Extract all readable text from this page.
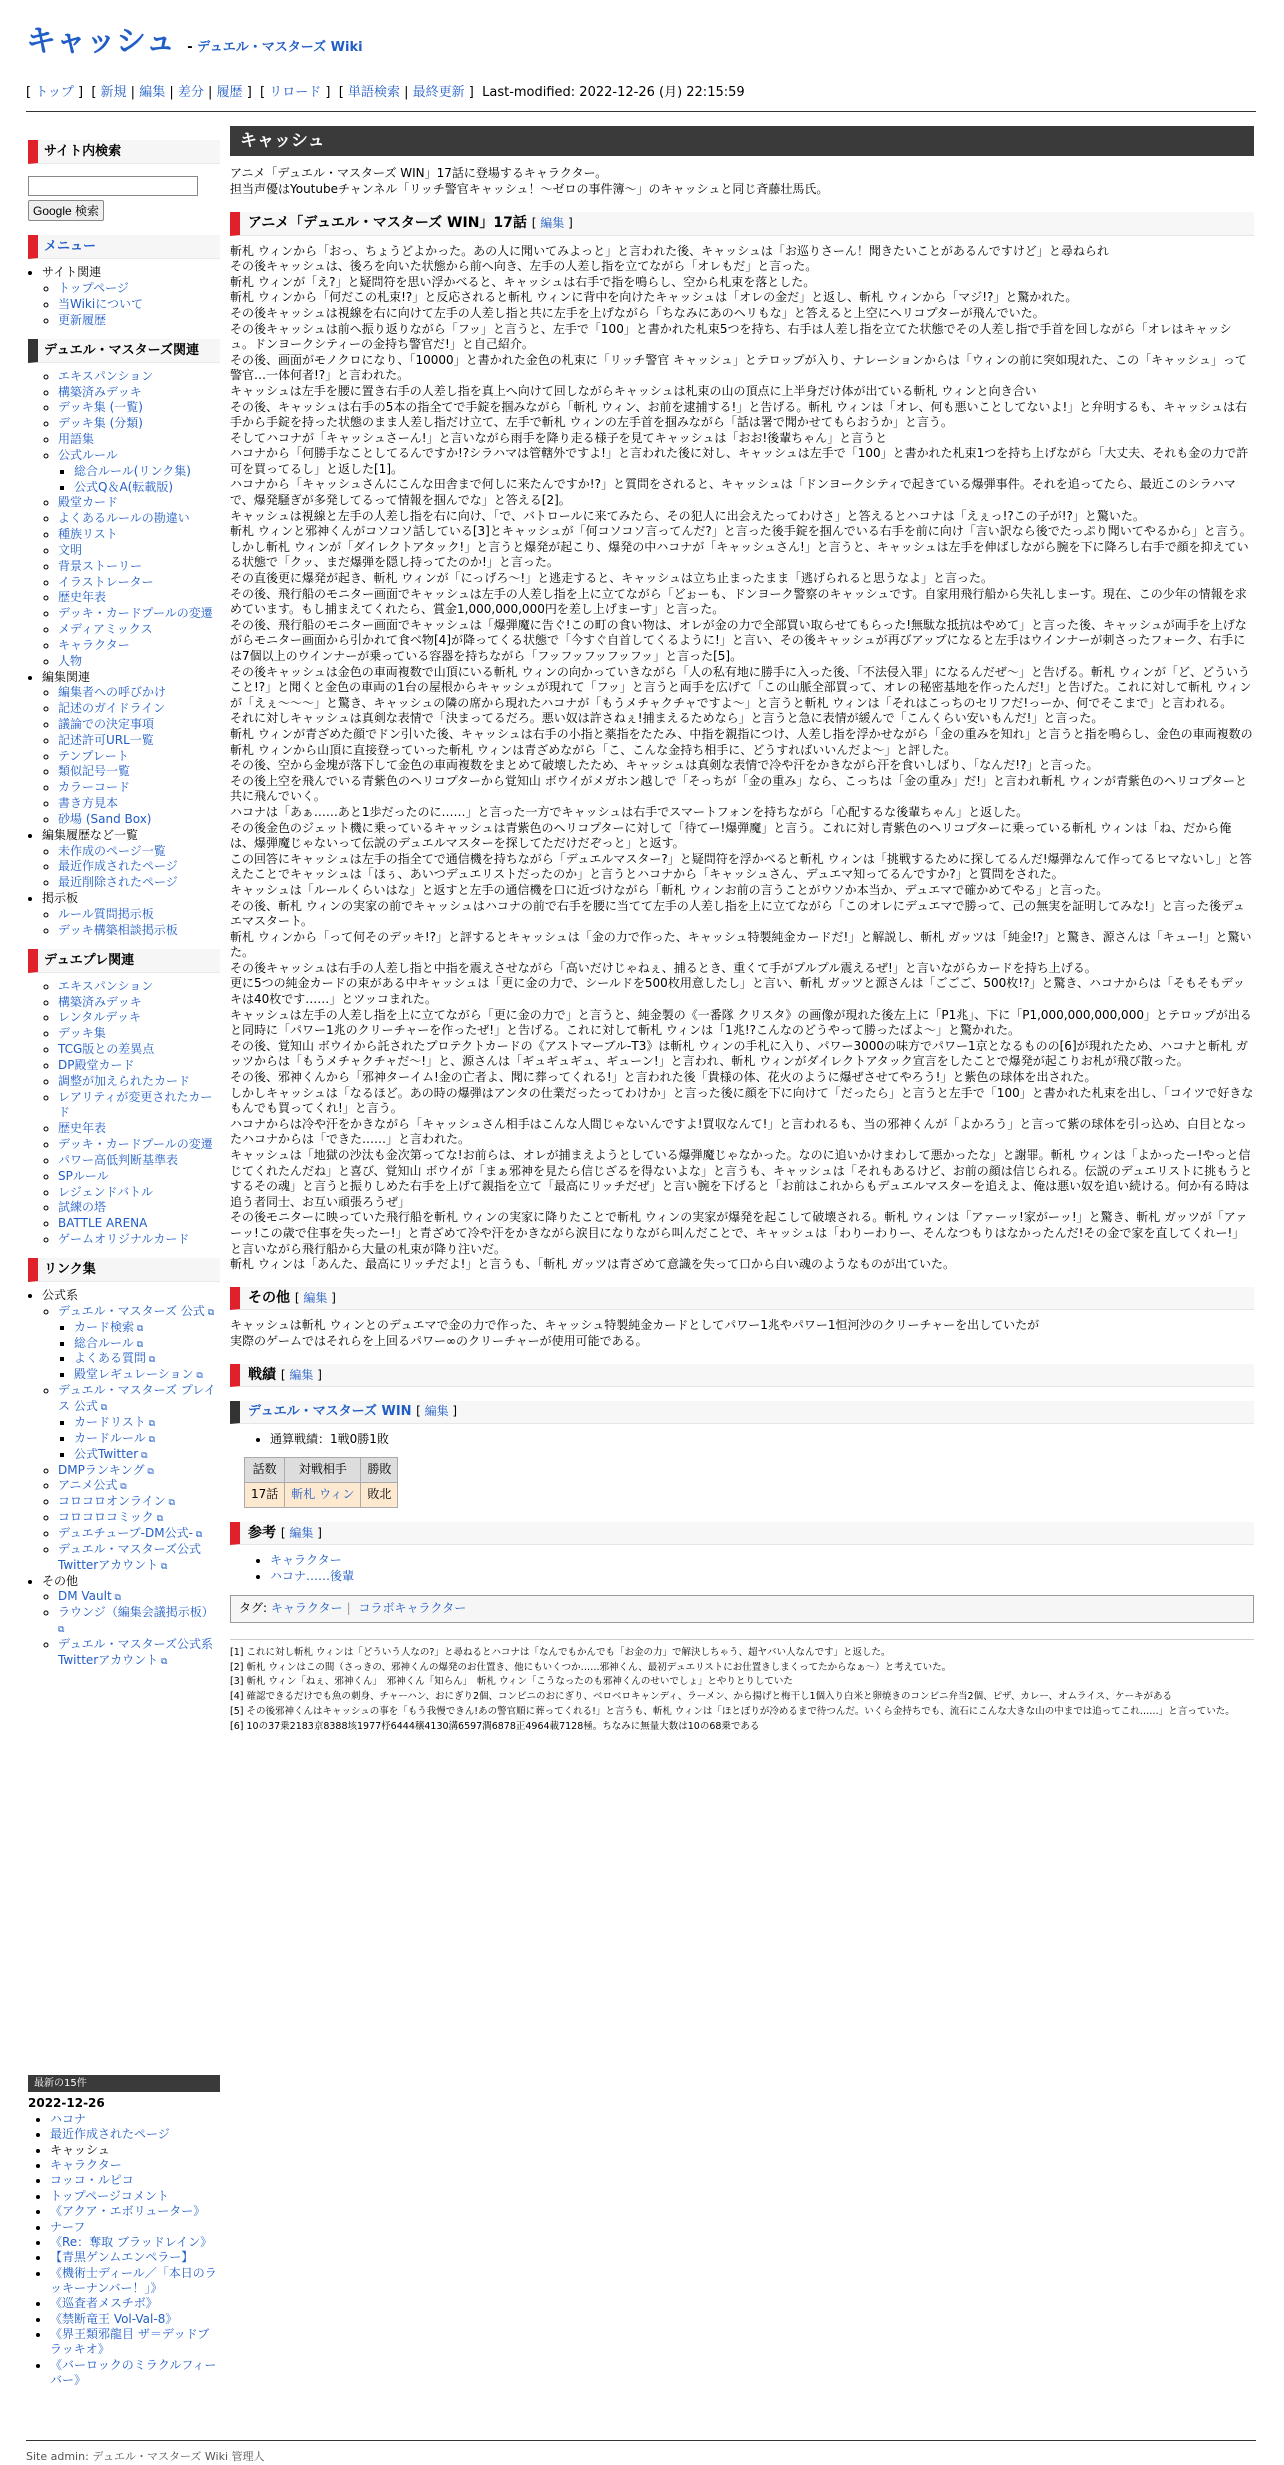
キャッシュ - デュエル・マスターズ Wiki
[ トップ ]  [ 新規 | 編集 | 差分 | 履歴 ]  [ リロード ]  [ 単語検索 | 最終更新 ]  Last-modified: 2022-12-26 (月) 22:15:59
サイト内検索

Google 検索
メニュー
• サイト関連
◦ トップページ
◦ 当Wikiについて
◦ 更新履歴
デュエル・マスターズ関連
◦ エキスパンション
◦ 構築済みデッキ
◦ デッキ集 (一覧)
◦ デッキ集 (分類)
◦ 用語集
◦ 公式ルール
▪ 総合ルール(リンク集)
▪ 公式Q＆A(転載版)
◦ 殿堂カード
◦ よくあるルールの勘違い
◦ 種族リスト
◦ 文明
◦ 背景ストーリー
◦ イラストレーター
◦ 歴史年表
◦ デッキ・カードプールの変遷
◦ メディアミックス
◦ キャラクター
◦ 人物
• 編集関連
◦ 編集者への呼びかけ
◦ 記述のガイドライン
◦ 議論での決定事項
◦ 記述許可URL一覧
◦ テンプレート
◦ 類似記号一覧
◦ カラーコード
◦ 書き方見本
◦ 砂場 (Sand Box)
• 編集履歴など一覧
◦ 未作成のページ一覧
◦ 最近作成されたページ
◦ 最近削除されたページ
• 掲示板
◦ ルール質問掲示板
◦ デッキ構築相談掲示板
デュエプレ関連
◦ エキスパンション
◦ 構築済みデッキ
◦ レンタルデッキ
◦ デッキ集
◦ TCG版との差異点
◦ DP殿堂カード
◦ 調整が加えられたカード
◦ レアリティが変更されたカード
◦ 歴史年表
◦ デッキ・カードプールの変遷
◦ パワー高低判断基準表
◦ SPルール
◦ レジェンドバトル
◦ 試練の塔
◦ BATTLE ARENA
◦ ゲームオリジナルカード
リンク集
• 公式系
◦ デュエル・マスターズ 公式 ⧉
▪ カード検索 ⧉
▪ 総合ルール ⧉
▪ よくある質問 ⧉
▪ 殿堂レギュレーション ⧉
◦ デュエル・マスターズ プレイス 公式 ⧉
▪ カードリスト ⧉
▪ カードルール ⧉
▪ 公式Twitter ⧉
◦ DMPランキング ⧉
◦ アニメ公式 ⧉
◦ コロコロオンライン ⧉
◦ コロコロコミック ⧉
◦ デュエチューブ-DM公式- ⧉
◦ デュエル・マスターズ公式Twitterアカウント ⧉
• その他
◦ DM Vault ⧉
◦ ラウンジ（編集会議掲示板） ⧉
◦ デュエル・マスターズ公式系Twitterアカウント ⧉
キャッシュ

アニメ「デュエル・マスターズ WIN」17話に登場するキャラクター。

担当声優はYoutubeチャンネル「リッチ警官キャッシュ！～ゼロの事件簿～」のキャッシュと同じ斉藤壮馬氏。

アニメ「デュエル・マスターズ WIN」17話 [ 編集 ]

斬札 ウィンから「おっ、ちょうどよかった。あの人に聞いてみよっと」と言われた後、キャッシュは「お巡りさーん！聞きたいことがあるんですけど」と尋ねられ

その後キャッシュは、後ろを向いた状態から前へ向き、左手の人差し指を立てながら「オレもだ」と言った。

斬札 ウィンが「え?」と疑問符を思い浮かべると、キャッシュは右手で指を鳴らし、空から札束を落とした。

斬札 ウィンから「何だこの札束!?」と反応されると斬札 ウィンに背中を向けたキャッシュは「オレの金だ」と返し、斬札 ウィンから「マジ!?」と驚かれた。

その後キャッシュは視線を右に向けて左手の人差し指と共に左手を上げながら「ちなみにあのヘリもな」と答えると上空にヘリコプターが飛んでいた。

その後キャッシュは前へ振り返りながら「フッ」と言うと、左手で「100」と書かれた札束5つを持ち、右手は人差し指を立てた状態でその人差し指で手首を回しながら「オレはキャッシュ。ドンヨークシティーの金持ち警官だ!」と自己紹介。

その後、画面がモノクロになり、「10000」と書かれた金色の札束に「リッチ警官 キャッシュ」とテロップが入り、ナレーションからは「ウィンの前に突如現れた、この「キャッシュ」って警官…一体何者!?」と言われた。

キャッシュは左手を腰に置き右手の人差し指を真上へ向けて回しながらキャッシュは札束の山の頂点に上半身だけ体が出ている斬札 ウィンと向き合い

その後、キャッシュは右手の5本の指全てで手錠を掴みながら「斬札 ウィン、お前を逮捕する!」と告げる。斬札 ウィンは「オレ、何も悪いことしてないよ!」と弁明するも、キャッシュは右手から手錠を持った状態のまま人差し指だけ立て、左手で斬札 ウィンの左手首を掴みながら「話は署で聞かせてもらおうか」と言う。

そしてハコナが「キャッシュさーん!」と言いながら雨手を降り走る様子を見てキャッシュは「おお!後輩ちゃん」と言うと

ハコナから「何勝手なことしてるんですか!?シラハマは管轄外ですよ!」と言われた後に対し、キャッシュは左手で「100」と書かれた札束1つを持ち上げながら「大丈夫、それも金の力で許可を買ってるし」と返した[1]。

ハコナから「キャッシュさんにこんな田舎まで何しに来たんですか!?」と質問をされると、キャッシュは「ドンヨークシティで起きている爆弾事件。それを追ってたら、最近このシラハマで、爆発騒ぎが多発してるって情報を掴んでな」と答える[2]。

キャッシュは視線と左手の人差し指を右に向け、「で、バトロールに来てみたら、その犯人に出会えたってわけさ」と答えるとハコナは「えぇっ!?この子が!?」と驚いた。

斬札 ウィンと邪神くんがコソコソ話している[3]とキャッシュが「何コソコソ言ってんだ?」と言った後手錠を掴んでいる右手を前に向け「言い訳なら後でたっぷり聞いてやるから」と言う。

しかし斬札 ウィンが「ダイレクトアタック!」と言うと爆発が起こり、爆発の中ハコナが「キャッシュさん!」と言うと、キャッシュは左手を伸ばしながら腕を下に降ろし右手で顔を抑えている状態で「クッ、まだ爆弾を隠し持ってたのか!」と言った。

その直後更に爆発が起き、斬札 ウィンが「にっげろ〜!」と逃走すると、キャッシュは立ち止まったまま「逃げられると思うなよ」と言った。

その後、飛行船のモニター画面でキャッシュは左手の人差し指を上に立てながら「どぉーも、ドンヨーク警察のキャッシュです。自家用飛行船から失礼しまーす。現在、この少年の情報を求めています。もし捕まえてくれたら、賞金1,000,000,000円を差し上げまーす」と言った。

その後、飛行船のモニター画面でキャッシュは「爆弾魔に告ぐ!この町の食い物は、オレが金の力で全部買い取らせてもらった!無駄な抵抗はやめて」と言った後、キャッシュが両手を上げながらモニター画面から引かれて食べ物[4]が降ってくる状態で「今すぐ自首してくるように!」と言い、その後キャッシュが再びアップになると左手はウインナーが刺さったフォーク、右手には7個以上のウインナーが乗っている容器を持ちながら「フッフッフッフッフッ」と言った[5]。

その後キャッシュは金色の車両複数で山頂にいる斬札 ウィンの向かっていきながら「人の私有地に勝手に入った後、「不法侵入罪」になるんだぜ～」と告げる。斬札 ウィンが「ど、どういうこと!?」と聞くと金色の車両の1台の屋根からキャッシュが現れて「フッ」と言うと両手を広げて「この山脈全部買って、オレの秘密基地を作ったんだ!」と告げた。これに対して斬札 ウィンが「えぇ～～～」と驚き、キャッシュの隣の席から現れたハコナが「もうメチャクチャですよ～」と言うと斬札 ウィンは「それはこっちのセリフだ!っーか、何でそこまで」と言われる。

それに対しキャッシュは真剣な表情で「決まってるだろ。悪い奴は許さねぇ!捕まえるためなら」と言うと急に表情が緩んで「こんくらい安いもんだ!」と言った。

斬札 ウィンが青ざめた顔でドン引いた後、キャッシュは右手の小指と薬指をたたみ、中指を親指につけ、人差し指を浮かせながら「金の重みを知れ」と言うと指を鳴らし、金色の車両複数の斬札 ウィンから山頂に直接登っていった斬札 ウィンは青ざめながら「こ、こんな金持ち相手に、どうすればいいんだよ～」と評した。

その後、空から金塊が落下して金色の車両複数をまとめて破壊したため、キャッシュは真剣な表情で冷や汗をかきながら汗を食いしばり、「なんだ!?」と言った。

その後上空を飛んでいる青紫色のヘリコプターから覚知山 ボウイがメガホン越しで「そっちが「金の重み」なら、こっちは「金の重み」だ!」と言われ斬札 ウィンが青紫色のヘリコプターと共に飛んでいく。

ハコナは「あぁ……あと1歩だったのに……」と言った一方でキャッシュは右手でスマートフォンを持ちながら「心配するな後輩ちゃん」と返した。

その後金色のジェット機に乗っているキャッシュは青紫色のヘリコプターに対して「待てー!爆弾魔」と言う。これに対し青紫色のヘリコプターに乗っている斬札 ウィンは「ね、だから俺は、爆弾魔じゃないって伝説のデュエルマスターを探してただけだぞっと」と返す。

この回答にキャッシュは左手の指全てで通信機を持ちながら「デュエルマスター?」と疑問符を浮かべると斬札 ウィンは「挑戦するために探してるんだ!爆弾なんて作ってるヒマないし」と答えたことでキャッシュは「ほぅ、あいつデュエリストだったのか」と言うとハコナから「キャッシュさん、デュエマ知ってるんですか?」と質問をされた。

キャッシュは「ルールくらいはな」と返すと左手の通信機を口に近づけながら「斬札 ウィンお前の言うことがウソか本当か、デュエマで確かめてやる」と言った。

その後、斬札 ウィンの実家の前でキャッシュはハコナの前で右手を腰に当てて左手の人差し指を上に立てながら「このオレにデュエマで勝って、己の無実を証明してみな!」と言った後デュエマスタート。

斬札 ウィンから「って何そのデッキ!?」と評するとキャッシュは「金の力で作った、キャッシュ特製純金カードだ!」と解説し、斬札 ガッツは「純金!?」と驚き、源さんは「キュー!」と驚いた。

その後キャッシュは右手の人差し指と中指を震えさせながら「高いだけじゃねぇ、捕るとき、重くて手がプルプル震えるぜ!」と言いながらカードを持ち上げる。

更に5つの純金カードの束がある中キャッシュは「更に金の力で、シールドを500枚用意したし」と言い、斬札 ガッツと源さんは「ごごご、500枚!?」と驚き、ハコナからは「そもそもデッキは40枚です……」とツッコまれた。

キャッシュは左手の人差し指を上に立てながら「更に金の力で」と言うと、純金製の《一番隊 クリスタ》の画像が現れた後左上に「P1兆」、下に「P1,000,000,000,000」とテロップが出ると同時に「パワー1兆のクリーチャーを作ったぜ!」と告げる。これに対して斬札 ウィンは「1兆!?こんなのどうやって勝ったばよ～」と驚かれた。

その後、覚知山 ボウイから託されたプロテクトカードの《アストマーブル-T3》は斬札 ウィンの手札に入り、パワー3000の味方でパワー1京となるものの[6]が現れたため、ハコナと斬札 ガッツからは「もうメチャクチャだ～!」と、源さんは「ギュギュギュ、ギューン!」と言われ、斬札 ウィンがダイレクトアタック宣言をしたことで爆発が起こりお札が飛び散った。

その後、邪神くんから「邪神ターイム!金の亡者よ、聞に葬ってくれる!」と言われた後「貴様の体、花火のように爆ぜさせてやろう!」と紫色の球体を出された。

しかしキャッシュは「なるほど。あの時の爆弾はアンタの仕業だったってわけか」と言った後に顔を下に向けて「だったら」と言うと左手で「100」と書かれた札束を出し、「コイツで好きなもんでも買ってくれ!」と言う。

ハコナからは冷や汗をかきながら「キャッシュさん相手はこんな人間じゃないんですよ!買収なんて!」と言われるも、当の邪神くんが「よかろう」と言って紫の球体を引っ込め、白目となったハコナからは「できた……」と言われた。

キャッシュは「地獄の沙汰も金次第ってな!お前らは、オレが捕まえようとしている爆弾魔じゃなかった。なのに追いかけまわして悪かったな」と謝罪。斬札 ウィンは「よかったー!やっと信じてくれたんだね」と喜び、覚知山 ボウイが「まぁ邪神を見たら信じざるを得ないよな」と言うも、キャッシュは「それもあるけど、お前の顔は信じられる。伝説のデュエリストに挑もうとするその魂」と言うと振りしめた右手を上げて親指を立て「最高にリッチだぜ」と言い腕を下げると「お前はこれからもデュエルマスターを追えよ、俺は悪い奴を追い続ける。何か有る時は追う者同士、お互い頑張ろうぜ」

その後モニターに映っていた飛行船を斬札 ウィンの実家に降りたことで斬札 ウィンの実家が爆発を起こして破壊される。斬札 ウィンは「アァーッ!家がーッ!」と驚き、斬札 ガッツが「アァーッ!この歳で住事を失ったー!」と青ざめて冷や汗をかきながら涙目になりながら叫んだことで、キャッシュは「わりーわりー、そんなつもりはなかったんだ!その金で家を直してくれー!」と言いながら飛行船から大量の札束が降り注いだ。

斬札 ウィンは「あんた、最高にリッチだよ!」と言うも、「斬札 ガッツは青ざめて意識を失って口から白い魂のようなものが出ていた。

その他 [ 編集 ]

キャッシュは斬札 ウィンとのデュエマで金の力で作った、キャッシュ特製純金カードとしてパワー1兆やパワー1恒河沙のクリーチャーを出していたが

実際のゲームではそれらを上回るパワー∞のクリーチャーが使用可能である。

戦績 [ 編集 ]
デュエル・マスターズ WIN [ 編集 ]
• 通算戦績：1戦0勝1敗
話数	対戦相手	勝敗
17話	斬札 ウィン	敗北
参考 [ 編集 ]
• キャラクター
• ハコナ……後輩
タグ: キャラクター | コラボキャラクター

[1] これに対し斬札 ウィンは「どういう人なの?」と尋ねるとハコナは「なんでもかんでも「お金の力」で解決しちゃう、超ヤバい人なんです」と返した。

[2] 斬札 ウィンはこの間（さっきの、邪神くんの爆発のお仕置き、他にもいくつか……邪神くん、最初デュエリストにお仕置きしまくってたからなぁ～）と考えていた。

[3] 斬札 ウィン「ねぇ、邪神くん」　邪神くん「知らん」　斬札 ウィン「こうなったのも邪神くんのせいでしょ」とやりとりしていた

[4] 確認できるだけでも魚の刺身、チャーハン、おにぎり2個、コンビニのおにぎり、ベロベロキャンディ、ラーメン、から揚げと梅干し1個入り白米と卵焼きのコンビニ弁当2個、ピザ、カレー、オムライス、ケーキがある

[5] その後邪神くんはキャッシュの事を「もう我慢できん!あの警官順に葬ってくれる!」と言うも、斬札 ウィンは「ほとぼりが冷めるまで待つんだ。いくら金持ちでも、流石にこんな大きな山の中までは追ってこれ……」と言っていた。

[6] 10の37乗2183京8388垓1977杼6444穣4130溝6597澗6878正4964載7128極。ちなみに無量大数は10の68乗である

最新の15件
2022-12-26
• ハコナ
• 最近作成されたページ
• キャッシュ
• キャラクター
• コッコ・ルピコ
• トップページコメント
• 《アクア・エボリューター》
• ナーフ
• 《Re：奪取 ブラッドレイン》
• 【青黒ゲンムエンペラー】
• 《機術士ディール／「本日のラッキーナンバー！」》
• 《巡査者メスチボ》
• 《禁断竜王 Vol-Val-8》
• 《界王類邪龍目 ザ＝デッドブラッキオ》
• 《バーロックのミラクルフィーバー》
Site admin: デュエル・マスターズ Wiki 管理人
